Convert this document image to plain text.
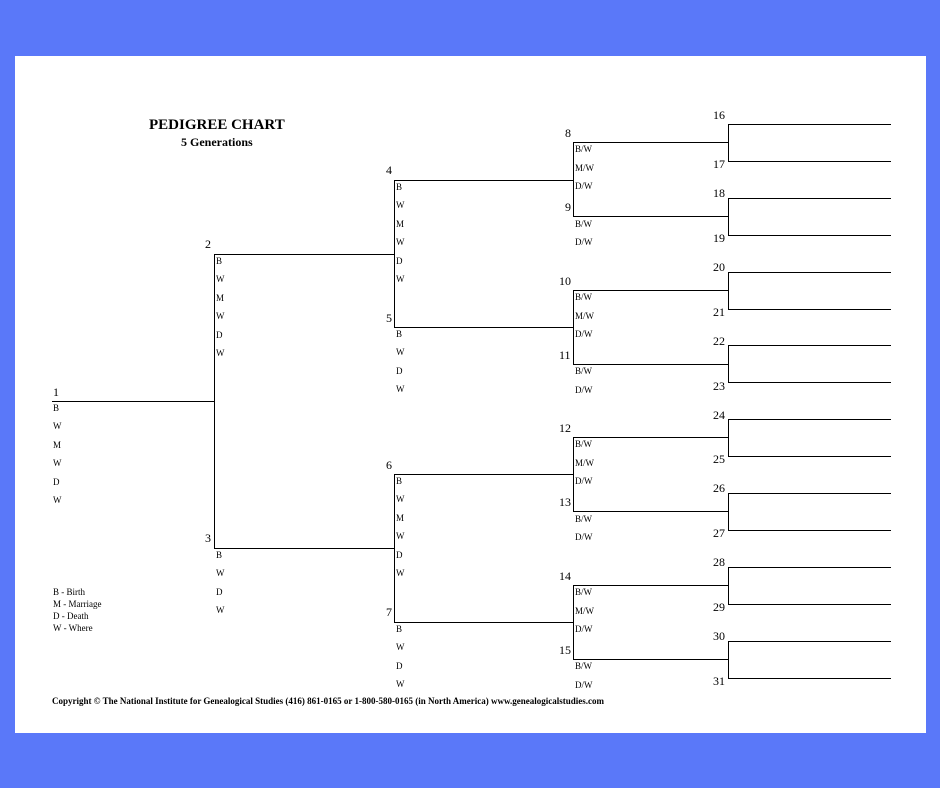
PEDIGREE CHART
5 Generations
1
B
W
M
W
D
W
2
B
W
M
W
D
W
3
B
W
D
W
4
B
W
M
W
D
W
5
B
W
D
W
6
B
W
M
W
D
W
7
B
W
D
W
8
B/W
M/W
D/W
9
B/W
D/W
10
B/W
M/W
D/W
11
B/W
D/W
12
B/W
M/W
D/W
13
B/W
D/W
14
B/W
M/W
D/W
15
B/W
D/W
16
17
18
19
20
21
22
23
24
25
26
27
28
29
30
31
B - Birth
M - Marriage
D - Death
W - Where
Copyright © The National Institute for Genealogical Studies (416) 861-0165 or 1-800-580-0165 (in North America) www.genealogicalstudies.com
